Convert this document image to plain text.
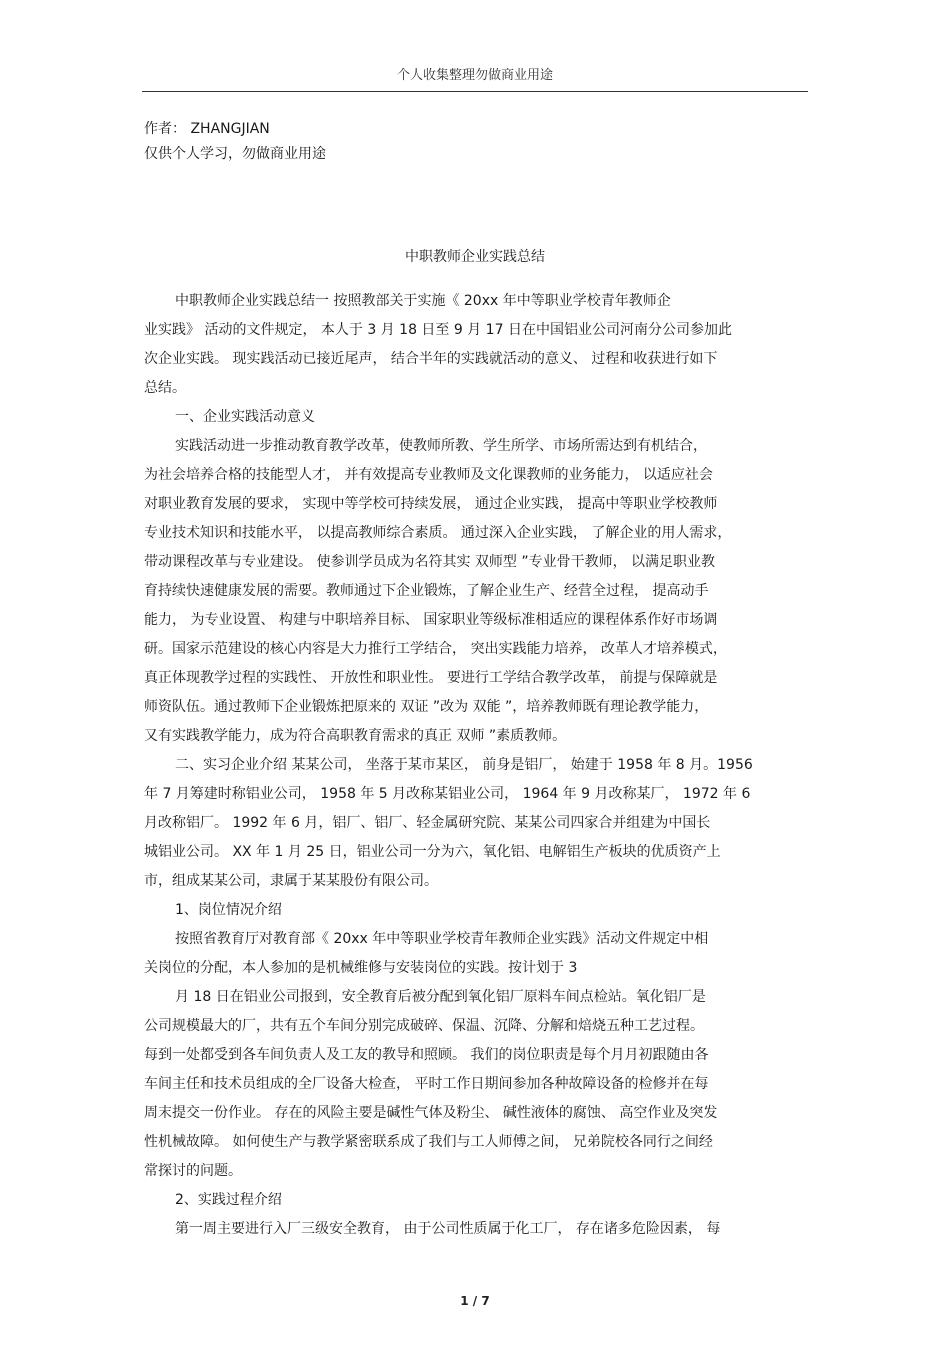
个人收集整理勿做商业用途
作者： ZHANGJIAN
仅供个人学习，勿做商业用途
中职教师企业实践总结
中职教师企业实践总结一 按照教部关于实施《 20xx 年中等职业学校青年教师企
业实践》 活动的文件规定， 本人于 3 月 18 日至 9 月 17 日在中国铝业公司河南分公司参加此
次企业实践。 现实践活动已接近尾声， 结合半年的实践就活动的意义、 过程和收获进行如下
总结。
一、企业实践活动意义
实践活动进一步推动教育教学改革，使教师所教、学生所学、市场所需达到有机结合，
为社会培养合格的技能型人才， 并有效提高专业教师及文化课教师的业务能力， 以适应社会
对职业教育发展的要求， 实现中等学校可持续发展， 通过企业实践， 提高中等职业学校教师
专业技术知识和技能水平， 以提高教师综合素质。 通过深入企业实践， 了解企业的用人需求，
带动课程改革与专业建设。 使参训学员成为名符其实 双师型 ”专业骨干教师， 以满足职业教
育持续快速健康发展的需要。教师通过下企业锻炼，了解企业生产、经营全过程， 提高动手
能力， 为专业设置、 构建与中职培养目标、 国家职业等级标准相适应的课程体系作好市场调
研。国家示范建设的核心内容是大力推行工学结合， 突出实践能力培养， 改革人才培养模式，
真正体现教学过程的实践性、 开放性和职业性。 要进行工学结合教学改革， 前提与保障就是
师资队伍。通过教师下企业锻炼把原来的 双证 ”改为 双能 ”，培养教师既有理论教学能力，
又有实践教学能力，成为符合高职教育需求的真正 双师 ”素质教师。
二、实习企业介绍 某某公司， 坐落于某市某区， 前身是铝厂， 始建于 1958 年 8 月。1956
年 7 月筹建时称铝业公司， 1958 年 5 月改称某铝业公司， 1964 年 9 月改称某厂， 1972 年 6
月改称铝厂。 1992 年 6 月，铝厂、铝厂、轻金属研究院、某某公司四家合并组建为中国长
城铝业公司。 XX 年 1 月 25 日，铝业公司一分为六，氧化铝、电解铝生产板块的优质资产上
市，组成某某公司，隶属于某某股份有限公司。
1、岗位情况介绍
按照省教育厅对教育部《 20xx 年中等职业学校青年教师企业实践》活动文件规定中相
关岗位的分配，本人参加的是机械维修与安装岗位的实践。按计划于 3
月 18 日在铝业公司报到，安全教育后被分配到氧化铝厂原料车间点检站。氧化铝厂是
公司规模最大的厂，共有五个车间分别完成破碎、保温、沉降、分解和焙烧五种工艺过程。
每到一处都受到各车间负责人及工友的教导和照顾。 我们的岗位职责是每个月月初跟随由各
车间主任和技术员组成的全厂设备大检查， 平时工作日期间参加各种故障设备的检修并在每
周末提交一份作业。 存在的风险主要是碱性气体及粉尘、 碱性液体的腐蚀、 高空作业及突发
性机械故障。 如何使生产与教学紧密联系成了我们与工人师傅之间， 兄弟院校各同行之间经
常探讨的问题。
2、实践过程介绍
第一周主要进行入厂三级安全教育， 由于公司性质属于化工厂， 存在诸多危险因素， 每
1 / 7
